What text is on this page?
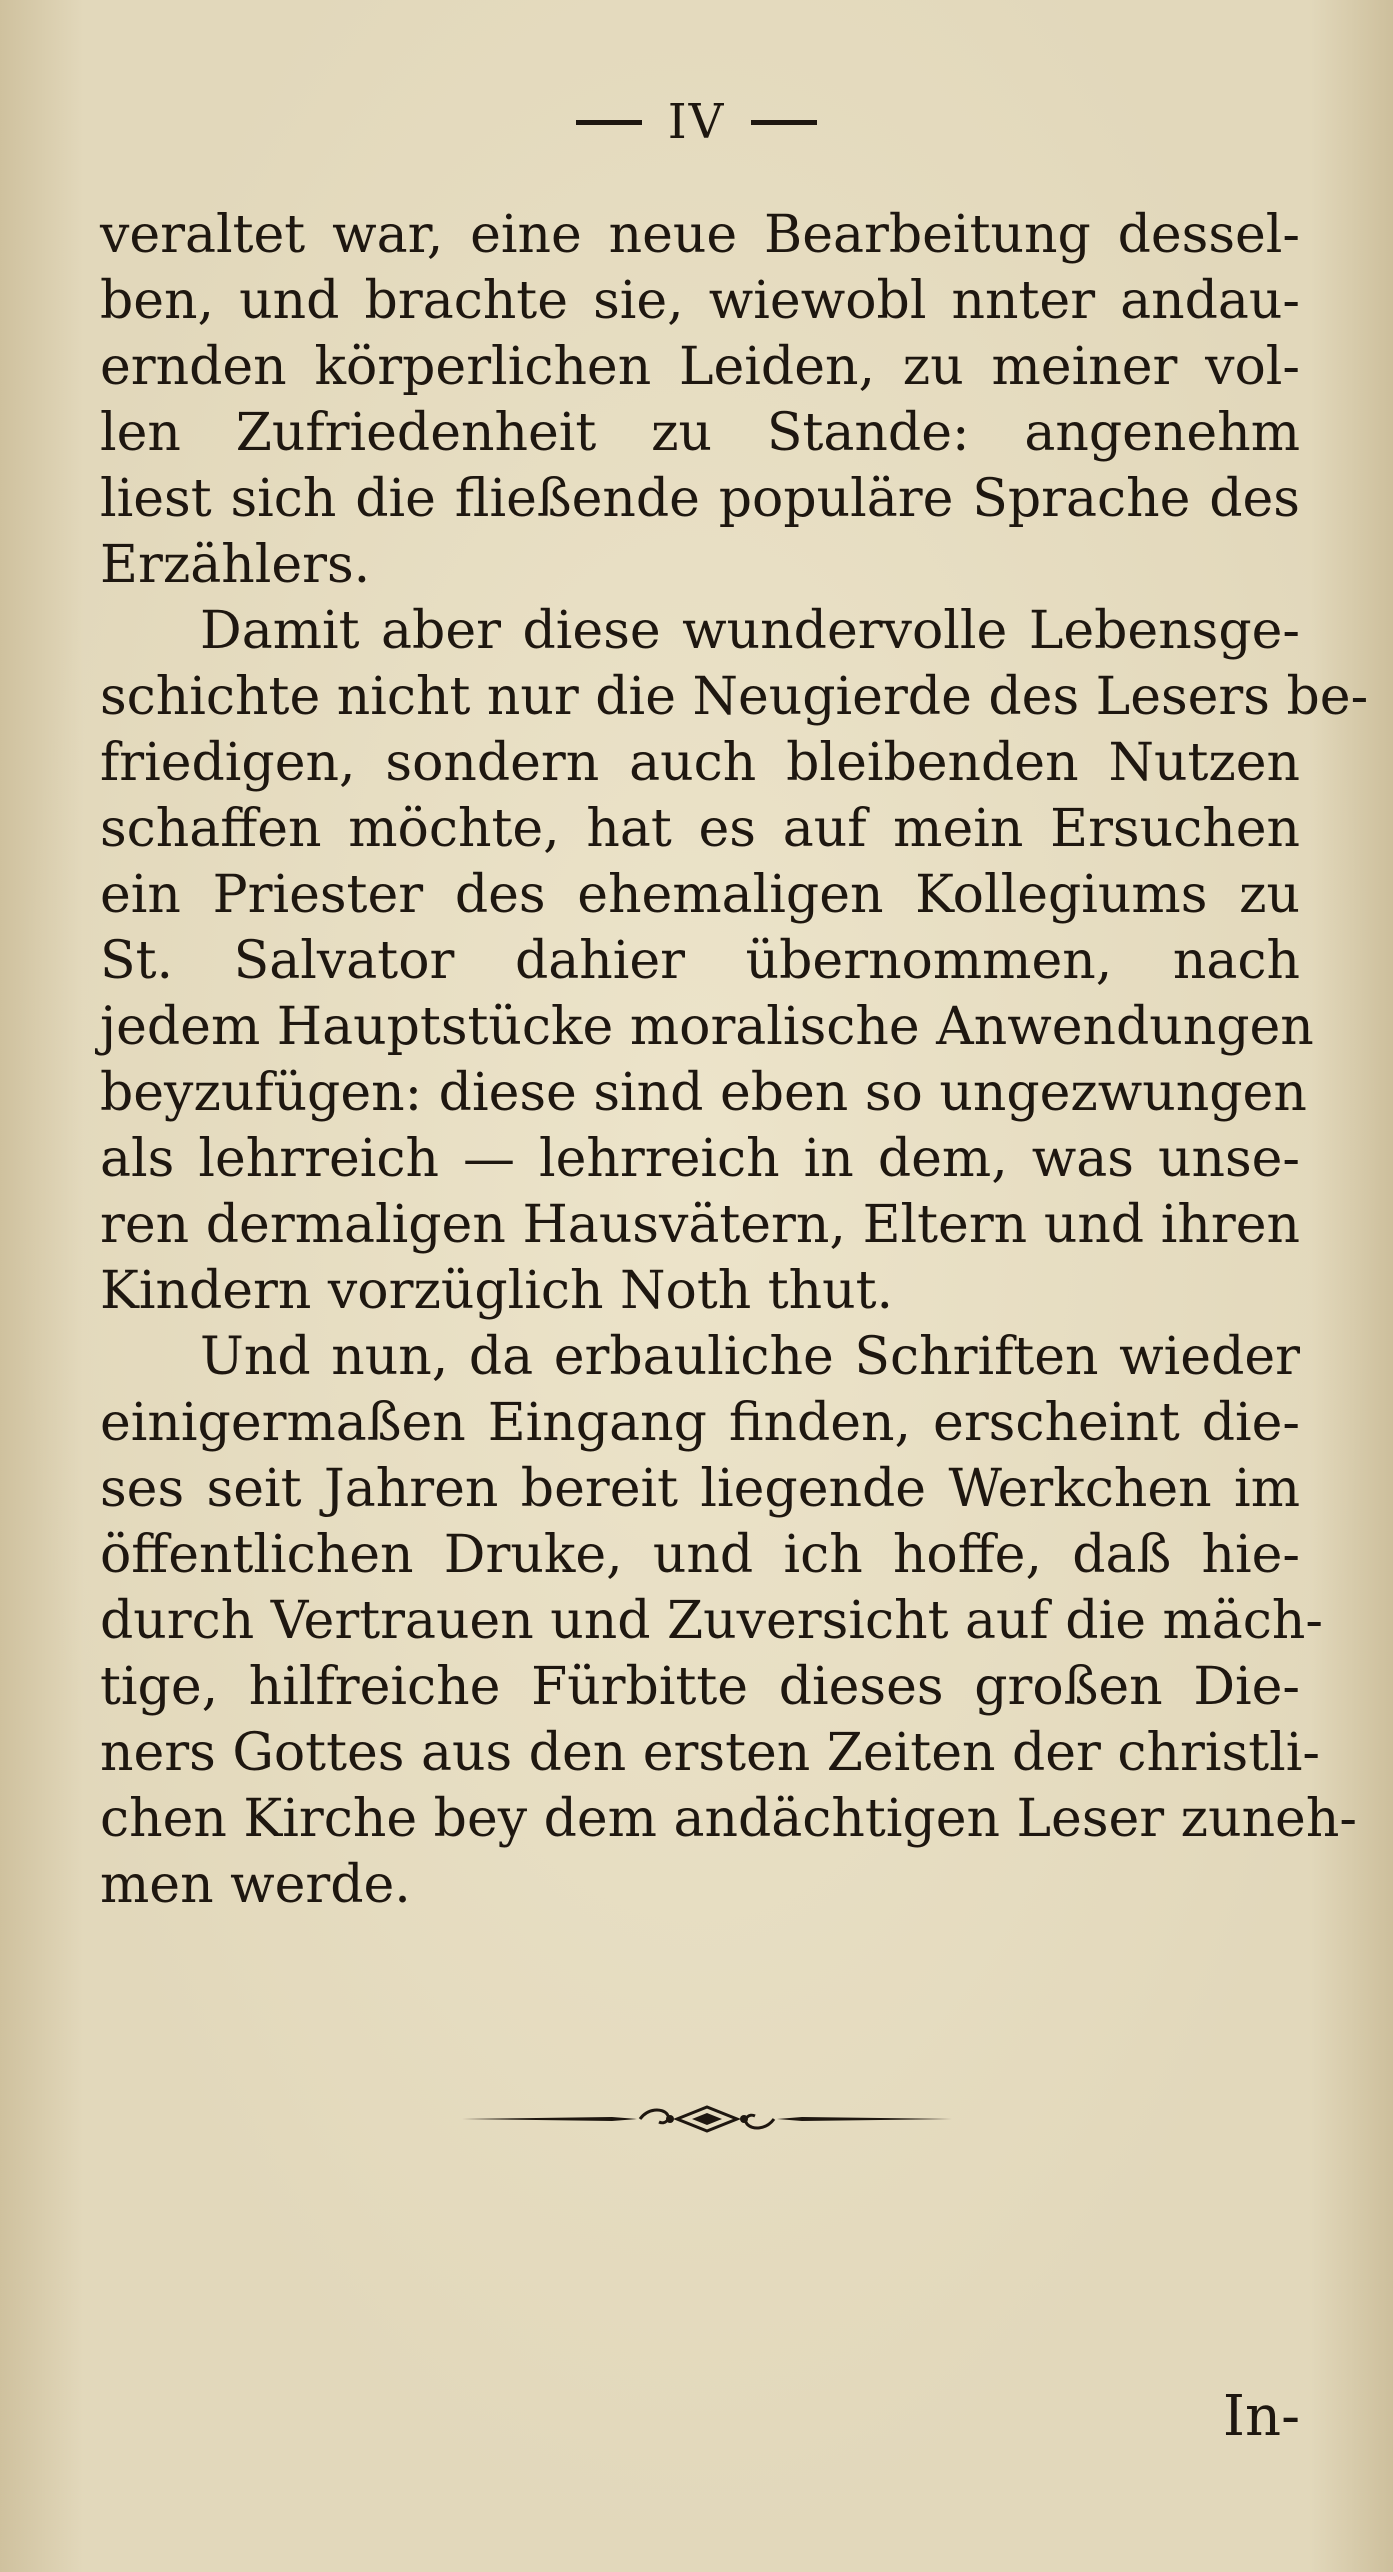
IV
veraltet war, eine neue Bearbeitung dessel-
ben, und brachte sie, wiewobl nnter andau-
ernden körperlichen Leiden, zu meiner vol-
len Zufriedenheit zu Stande: angenehm
liest sich die fließende populäre Sprache des
Erzählers.
Damit aber diese wundervolle Lebensge-
schichte nicht nur die Neugierde des Lesers be-
friedigen, sondern auch bleibenden Nutzen
schaffen möchte, hat es auf mein Ersuchen
ein Priester des ehemaligen Kollegiums zu
St. Salvator dahier übernommen, nach
jedem Hauptstücke moralische Anwendungen
beyzufügen: diese sind eben so ungezwungen
als lehrreich — lehrreich in dem, was unse-
ren dermaligen Hausvätern, Eltern und ihren
Kindern vorzüglich Noth thut.
Und nun, da erbauliche Schriften wieder
einigermaßen Eingang finden, erscheint die-
ses seit Jahren bereit liegende Werkchen im
öffentlichen Druke, und ich hoffe, daß hie-
durch Vertrauen und Zuversicht auf die mäch-
tige, hilfreiche Fürbitte dieses großen Die-
ners Gottes aus den ersten Zeiten der christli-
chen Kirche bey dem andächtigen Leser zuneh-
men werde.
In-
